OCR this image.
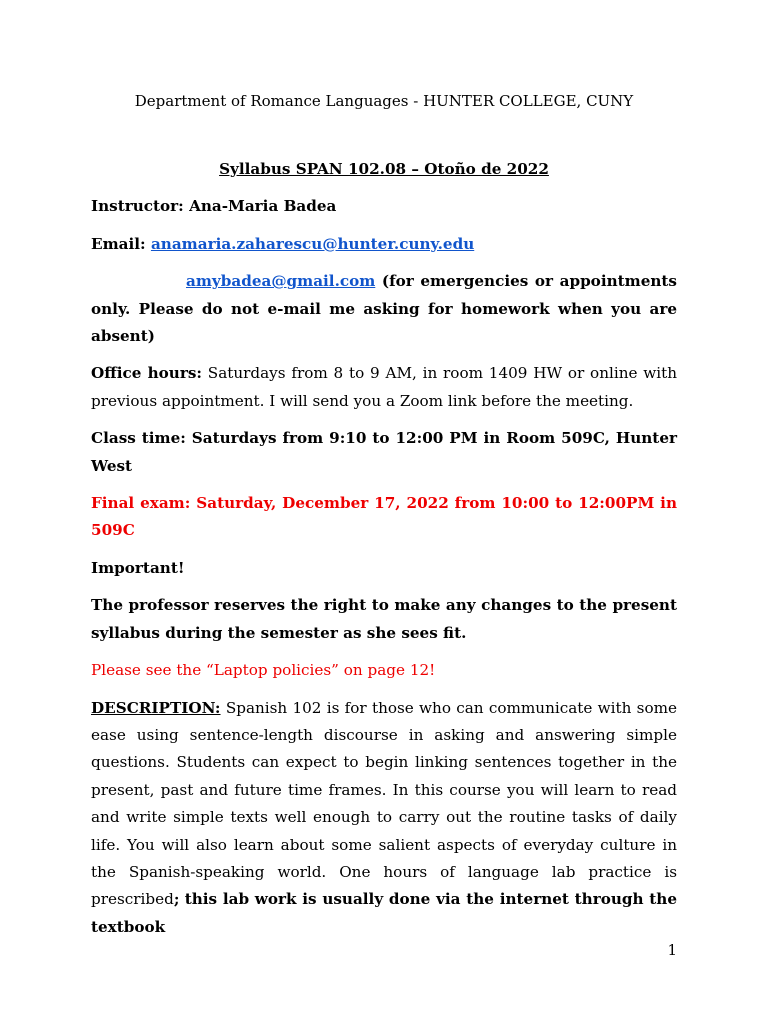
Department of Romance Languages - HUNTER COLLEGE, CUNY

Syllabus SPAN 102.08 – Otoño de 2022

Instructor: Ana-Maria Badea

Email: anamaria.zaharescu@hunter.cuny.edu

amybadea@gmail.com (for emergencies or appointments only. Please do not e-mail me asking for homework when you are absent)

Office hours: Saturdays from 8 to 9 AM, in room 1409 HW or online with previous appointment. I will send you a Zoom link before the meeting.

Class time: Saturdays from 9:10 to 12:00 PM in Room 509C, Hunter West

Final exam: Saturday, December 17, 2022 from 10:00 to 12:00PM in 509C

Important!

The professor reserves the right to make any changes to the present syllabus during the semester as she sees fit.

Please see the “Laptop policies” on page 12!

DESCRIPTION: Spanish 102 is for those who can communicate with some ease using sentence-length discourse in asking and answering simple questions. Students can expect to begin linking sentences together in the present, past and future time frames. In this course you will learn to read and write simple texts well enough to carry out the routine tasks of daily life. You will also learn about some salient aspects of everyday culture in the Spanish-speaking world. One hours of language lab practice is prescribed; this lab work is usually done via the internet through the textbook

1
